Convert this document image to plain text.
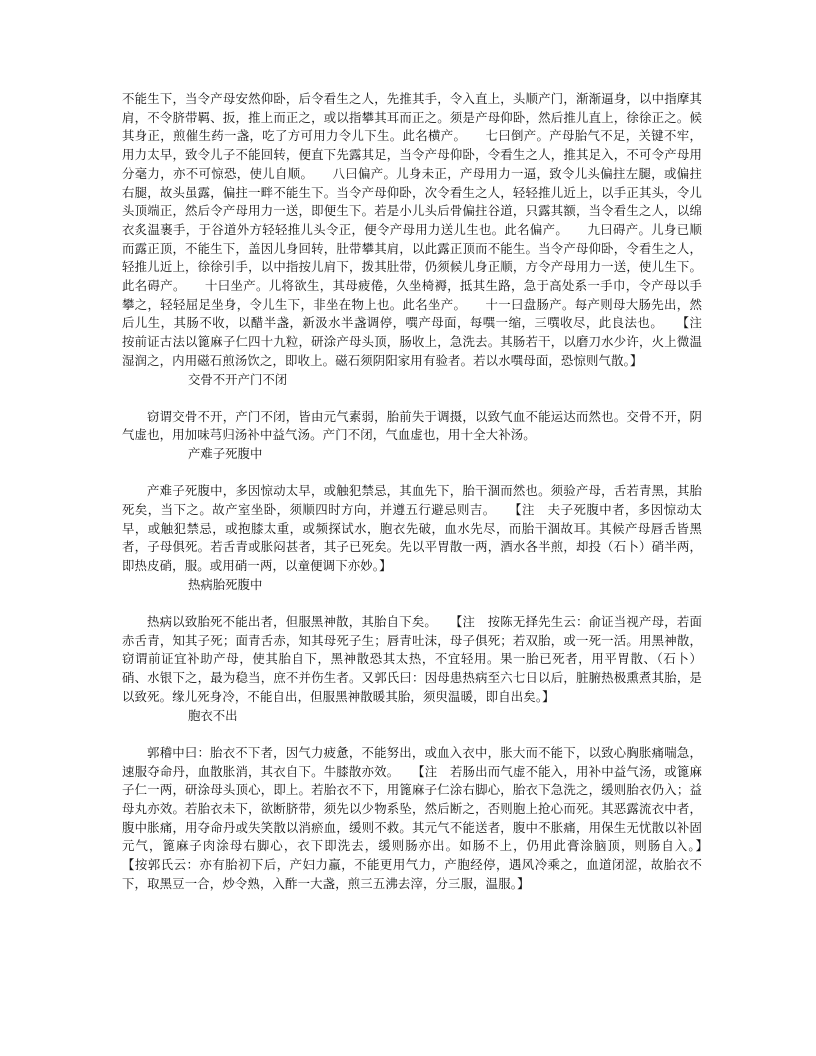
不能生下，当令产母安然仰卧，后令看生之人，先推其手，令入直上，头顺产门，渐渐逼身，以中指摩其肩，不令脐带羁、扳，推上而正之，或以指攀其耳而正之。须是产母仰卧，然后推儿直上，徐徐正之。候其身正，煎催生药一盏，吃了方可用力令儿下生。此名横产。　　七曰倒产。产母胎气不足，关键不牢，用力太早，致令儿子不能回转，便直下先露其足，当令产母仰卧，令看生之人，推其足入，不可令产母用分毫力，亦不可惊恐，使儿自顺。　　八曰偏产。儿身未正，产母用力一逼，致令儿头偏拄左腿，或偏拄右腿，故头虽露，偏拄一畔不能生下。当令产母仰卧，次令看生之人，轻轻推儿近上，以手正其头，令儿头顶端正，然后令产母用力一送，即便生下。若是小儿头后骨偏拄谷道，只露其额，当令看生之人，以绵衣炙温裹手，于谷道外方轻轻推儿头令正，便令产母用力送儿生也。此名偏产。　　九曰碍产。儿身已顺而露正顶，不能生下，盖因儿身回转，肚带攀其肩，以此露正顶而不能生。当令产母仰卧，令看生之人，轻推儿近上，徐徐引手，以中指按儿肩下，拨其肚带，仍须候儿身正顺，方令产母用力一送，使儿生下。此名碍产。　　十曰坐产。儿将欲生，其母疲倦，久坐椅褥，抵其生路，急于高处系一手巾，令产母以手攀之，轻轻屈足坐身，令儿生下，非坐在物上也。此名坐产。　　十一曰盘肠产。每产则母大肠先出，然后儿生，其肠不收，以醋半盏，新汲水半盏调停，噀产母面，每噀一缩，三噀收尽，此良法也。　　【注　按前证古法以篦麻子仁四十九粒，研涂产母头顶，肠收上，急洗去。其肠若干，以磨刀水少许，火上微温湿润之，内用磁石煎汤饮之，即收上。磁石须阴阳家用有验者。若以水噀母面，恐惊则气散。】

交骨不开产门不闭

窃谓交骨不开，产门不闭，皆由元气素弱，胎前失于调摄，以致气血不能运达而然也。交骨不开，阴气虚也，用加味芎归汤补中益气汤。产门不闭，气血虚也，用十全大补汤。

产难子死腹中

产难子死腹中，多因惊动太早，或触犯禁忌，其血先下，胎干涸而然也。须验产母，舌若青黑，其胎死矣，当下之。故产室坐卧，须顺四时方向，并遵五行避忌则吉。　　【注　夫子死腹中者，多因惊动太早，或触犯禁忌，或抱膝太重，或频探试水，胞衣先破，血水先尽，而胎干涸故耳。其候产母唇舌皆黑者，子母俱死。若舌青或胀闷甚者，其子已死矣。先以平胃散一两，酒水各半煎，却投（石卜）硝半两，即热皮硝，服。或用硝一两，以童便调下亦妙。】

热病胎死腹中

热病以致胎死不能出者，但服黑神散，其胎自下矣。　　【注　按陈无择先生云：俞证当视产母，若面赤舌青，知其子死；面青舌赤，知其母死子生；唇青吐沫，母子俱死；若双胎，或一死一活。用黑神散，窃谓前证宜补助产母，使其胎自下，黑神散恐其太热，不宜轻用。果一胎已死者，用平胃散、（石卜）硝、水银下之，最为稳当，庶不并伤生者。又郭氏曰：因母患热病至六七日以后，脏腑热极熏煮其胎，是以致死。缘儿死身冷，不能自出，但服黑神散暖其胎，须臾温暖，即自出矣。】

胞衣不出

郭稽中曰：胎衣不下者，因气力疲惫，不能努出，或血入衣中，胀大而不能下，以致心胸胀痛喘急，速服夺命丹，血散胀消，其衣自下。牛膝散亦效。　　【注　若肠出而气虚不能入，用补中益气汤，或篦麻子仁一两，研涂母头顶心，即上。若胎衣不下，用篦麻子仁涂右脚心，胎衣下急洗之，缓则胎衣仍入；益母丸亦效。若胎衣未下，欲断脐带，须先以少物系坠，然后断之，否则胞上抢心而死。其恶露流衣中者，腹中胀痛，用夺命丹或失笑散以消瘀血，缓则不救。其元气不能送者，腹中不胀痛，用保生无忧散以补固元气，篦麻子肉涂母右脚心，衣下即洗去，缓则肠亦出。如肠不上，仍用此膏涂脑顶，则肠自入。】　　【按郭氏云：亦有胎初下后，产妇力羸，不能更用气力，产胞经停，遇风冷乘之，血道闭涩，故胎衣不下，取黑豆一合，炒令熟，入酢一大盏，煎三五沸去滓，分三服，温服。】
